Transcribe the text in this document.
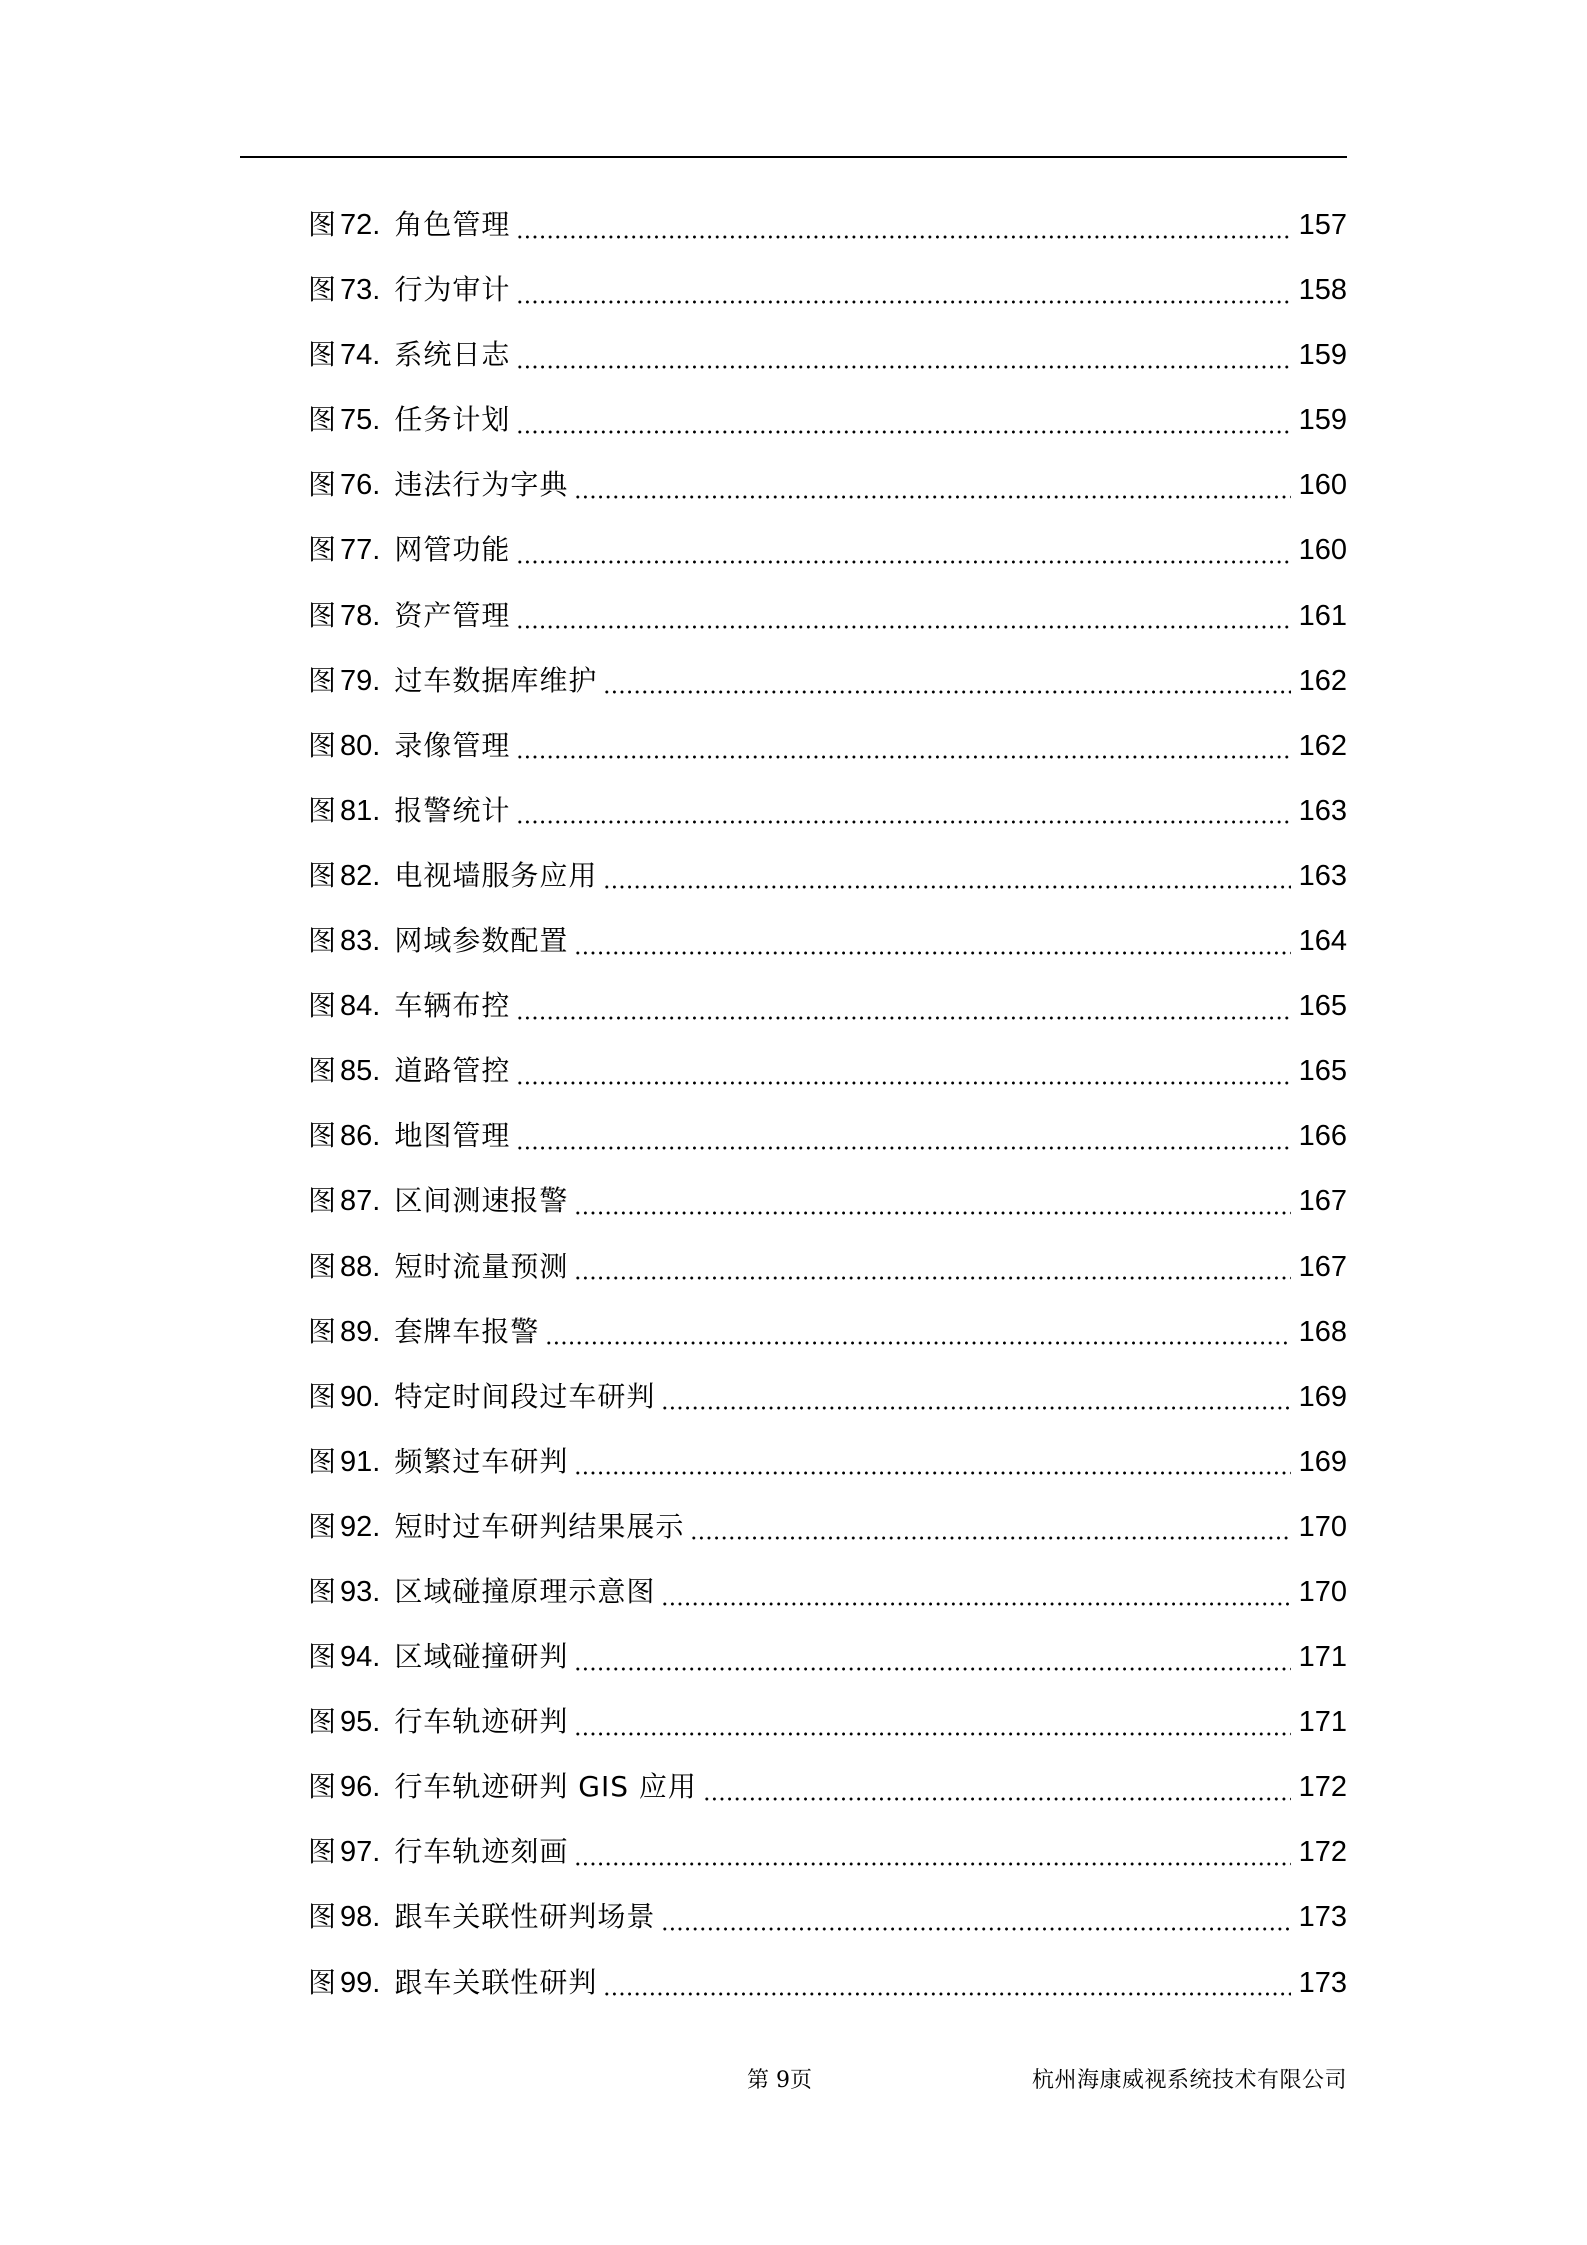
图 72. 角色管理	157
图 73. 行为审计	158
图 74. 系统日志	159
图 75. 任务计划	159
图 76. 违法行为字典	160
图 77. 网管功能	160
图 78. 资产管理	161
图 79. 过车数据库维护	162
图 80. 录像管理	162
图 81. 报警统计	163
图 82. 电视墙服务应用	163
图 83. 网域参数配置	164
图 84. 车辆布控	165
图 85. 道路管控	165
图 86. 地图管理	166
图 87. 区间测速报警	167
图 88. 短时流量预测	167
图 89. 套牌车报警	168
图 90. 特定时间段过车研判	169
图 91. 频繁过车研判	169
图 92. 短时过车研判结果展示	170
图 93. 区域碰撞原理示意图	170
图 94. 区域碰撞研判	171
图 95. 行车轨迹研判	171
图 96. 行车轨迹研判 GIS 应用	172
图 97. 行车轨迹刻画	172
图 98. 跟车关联性研判场景	173
图 99. 跟车关联性研判	173
第 9页	杭州海康威视系统技术有限公司
